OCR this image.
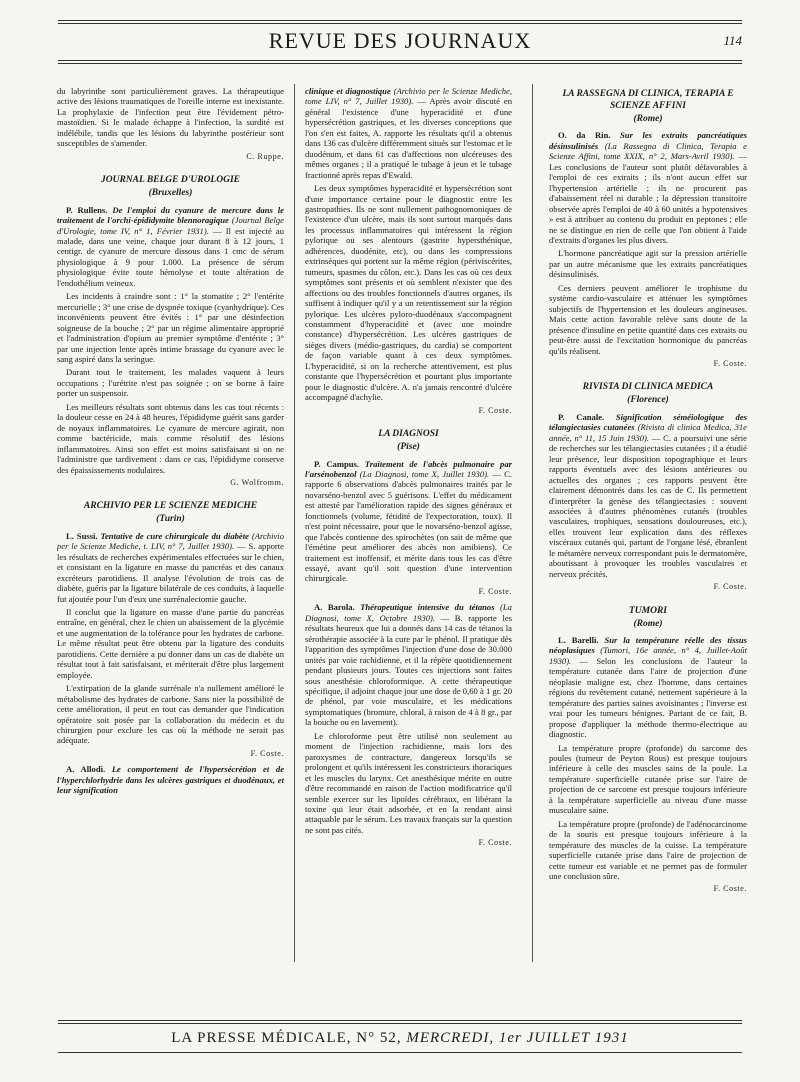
REVUE DES JOURNAUX	114

du labyrinthe sont particulièrement graves. La thérapeutique active des lésions traumatiques de l'oreille interne est inexistante. La prophylaxie de l'infection peut être l'évidement pétro-mastoïdien. Si le malade échappe à l'infection, la surdité est indélébile, tandis que les lésions du labyrinthe postérieur sont susceptibles de s'amender.

C. Ruppe.
JOURNAL BELGE D'UROLOGIE
(Bruxelles)

P. Rullens. De l'emploi du cyanure de mercure dans le traitement de l'orchi-épididymite blennoragique (Journal Belge d'Urologie, tome IV, n° 1, Février 1931). — Il est injecté au malade, dans une veine, chaque jour durant 8 à 12 jours, 1 centigr. de cyanure de mercure dissous dans 1 cmc de sérum physiologique à 9 pour 1.000. La présence de sérum physiologique évite toute hémolyse et toute altération de l'endothélium veineux.

Les incidents à craindre sont : 1° la stomatite ; 2° l'entérite mercurielle ; 3° une crise de dyspnée toxique (cyanhydrique). Ces inconvénients peuvent être évités : 1° par une désinfection soigneuse de la bouche ; 2° par un régime alimentaire approprié et l'administration d'opium au premier symptôme d'entérite ; 3° par une injection lente après intime brassage du cyanure avec le sang aspiré dans la seringue.

Durant tout le traitement, les malades vaquent à leurs occupations ; l'urétrite n'est pas soignée ; on se borne à faire porter un suspensoir.

Les meilleurs résultats sont obtenus dans les cas tout récents : la douleur cesse en 24 à 48 heures, l'épididyme guérit sans garder de noyaux inflammatoires. Le cyanure de mercure agirait, non comme bactéricide, mais comme résolutif des lésions inflammatoires. Ainsi son effet est moins satisfaisant si on ne l'administre que tardivement : dans ce cas, l'épididyme conserve des épaississements nodulaires.

G. Wolfromm.
ARCHIVIO PER LE SCIENZE MEDICHE
(Turin)

L. Sussi. Tentative de cure chirurgicale du diabète (Archivio per le Scienze Mediche, t. LIV, n° 7, Juillet 1930). — S. apporte les résultats de recherches expérimentales effectuées sur le chien, et consistant en la ligature en masse du pancréas et des canaux excréteurs parotidiens. Il analyse l'évolution de trois cas de diabète, guéris par la ligature bilatérale de ces conduits, à laquelle fut ajoutée pour l'un d'eux une surrénalectomie gauche.

Il conclut que la ligature en masse d'une partie du pancréas entraîne, en général, chez le chien un abaissement de la glycémie et une augmentation de la tolérance pour les hydrates de carbone. Le même résultat peut être obtenu par la ligature des conduits parotidiens. Cette dernière a pu donner dans un cas de diabète un résultat tout à fait satisfaisant, et mériterait d'être plus largement employée.

L'extirpation de la glande surrénale n'a nullement amélioré le métabolisme des hydrates de carbone. Sans nier la possibilité de cette amélioration, il peut en tout cas demander que l'indication opératoire soit posée par la collaboration du médecin et du chirurgien pour exclure les cas où la méthode ne serait pas adéquate.

F. Coste.

A. Allodi. Le comportement de l'hypersécrétion et de l'hyperchlorhydrie dans les ulcères gastriques et duodénaux, et leur signification

clinique et diagnostique (Archivio per le Scienze Mediche, tome LIV, n° 7, Juillet 1930). — Après avoir discuté en général l'existence d'une hyperacidité et d'une hypersécrétion gastriques, et les diverses conceptions que l'on s'en est faites, A. rapporte les résultats qu'il a obtenus dans 136 cas d'ulcère différemment situés sur l'estomac et le duodénum, et dans 61 cas d'affections non ulcéreuses des mêmes organes ; il a pratiqué le tubage à jeun et le tubage fractionné après repas d'Ewald.

Les deux symptômes hyperacidité et hypersécrétion sont d'une importance certaine pour le diagnostic entre les gastropathies. Ils ne sont nullement pathognomoniques de l'existence d'un ulcère, mais ils sont surtout marqués dans les processus inflammatoires qui intéressent la région pylorique ou ses alentours (gastrite hypersthénique, adhérences, duodénite, etc), ou dans les compressions extrinsèques qui portent sur la même région (périviscérites, tumeurs, spasmes du côlon, etc.). Dans les cas où ces deux symptômes sont présents et où semblent n'exister que des affections ou des troubles fonctionnels d'autres organes, ils suffisent à indiquer qu'il y a un retentissement sur la région pylorique. Les ulcères pyloro-duodénaux s'accompagnent constamment d'hyperacidité et (avec une moindre constance) d'hypersécrétion. Les ulcères gastriques de sièges divers (médio-gastriques, du cardia) se comportent de façon variable quant à ces deux symptômes. L'hyperacidité, si on la recherche attentivement, est plus constante que l'hypersécrétion et pourtant plus importante pour le diagnostic d'ulcère. A. n'a jamais rencontré d'ulcère accompagné d'achylie.

F. Coste.
LA DIAGNOSI
(Pise)

P. Campus. Traitement de l'abcès pulmonaire par l'arsénobenzol (La Diagnosi, tome X, Juillet 1930). — C. rapporte 6 observations d'abcès pulmonaires traités par le novarséno-benzol avec 5 guérisons. L'effet du médicament est attesté par l'amélioration rapide des signes généraux et fonctionnels (volume, fétidité de l'expectoration, toux). Il n'est point nécessaire, pour que le novarséno-benzol agisse, que l'abcès contienne des spirochètes (on sait de même que l'émétine peut améliorer des abcès non amibiens). Ce traitement est inoffensif, et mérite dans tous les cas d'être essayé, avant qu'il soit question d'une intervention chirurgicale.

F. Coste.

A. Barola. Thérapeutique intensive du tétanos (La Diagnosi, tome X, Octobre 1930). — B. rapporte les résultats heureux que lui a donnés dans 14 cas de tétanos la sérothérapie associée à la cure par le phénol. Il pratique dès l'apparition des symptômes l'injection d'une dose de 30.000 unités par voie rachidienne, et il la répète quotidiennement pendant plusieurs jours. Toutes ces injections sont faites sous anesthésie chloroformique. A cette thérapeutique spécifique, il adjoint chaque jour une dose de 0,60 à 1 gr. 20 de phénol, par voie musculaire, et les médications symptomatiques (bromure, chloral, à raison de 4 à 8 gr., par la bouche ou en lavement).

Le chloroforme peut être utilisé non seulement au moment de l'injection rachidienne, mais lors des paroxysmes de contracture, dangereux lorsqu'ils se prolongent et qu'ils intéressent les constricteurs thoraciques et les muscles du larynx. Cet anesthésique mérite en outre d'être recommandé en raison de l'action modificatrice qu'il semble exercer sur les lipoïdes cérébraux, en libérant la toxine qui leur était adsorbée, et en la rendant ainsi attaquable par le sérum. Les travaux français sur la question ne sont pas cités.

F. Coste.
LA RASSEGNA DI CLINICA, TERAPIA E SCIENZE AFFINI
(Rome)

O. da Rin. Sur les extraits pancréatiques désinsulinisés (La Rassegna di Clinica, Terapia e Scienze Affini, tome XXIX, n° 2, Mars-Avril 1930). — Les conclusions de l'auteur sont plutôt défavorables à l'emploi de ces extraits ; ils n'ont aucun effet sur l'hypertension artérielle ; ils ne procurent pas d'abaissement réel ni durable ; la dépression transitoire observée après l'emploi de 40 à 60 unités a hypotensives » est à attribuer au contenu du produit en peptones ; elle ne se distingue en rien de celle que l'on obtient à l'aide d'extraits d'organes les plus divers.

L'hormone pancréatique agit sur la pression artérielle par un autre mécanisme que les extraits pancréatiques désinsulinisés.

Ces derniers peuvent améliorer le trophisme du système cardio-vasculaire et atténuer les symptômes subjectifs de l'hypertension et les douleurs angineuses. Mais cette action favorable relève sans doute de la présence d'insuline en petite quantité dans ces extraits ou peut-être aussi de l'excitation hormonique du pancréas qu'ils réalisent.

F. Coste.
RIVISTA DI CLINICA MEDICA
(Florence)

P. Canale. Signification séméiologique des télangiectasies cutanées (Rivista di clinica Medica, 31e année, n° 11, 15 Juin 1930). — C. a poursuivi une série de recherches sur les télangiectasies cutanées ; il a étudié leur présence, leur disposition topographique et leurs rapports éventuels avec des lésions antérieures ou actuelles des organes ; ces rapports peuvent être clairement démontrés dans les cas de C. Ils permettent d'interpréter la genèse des télangiectasies : souvent associées à d'autres phénomènes cutanés (troubles vasculaires, trophiques, sensations douloureuses, etc.), elles trouvent leur explication dans des réflexes viscéraux cutanés qui, partant de l'organe lésé, ébranlent le métamère nerveux correspondant puis le dermatomère, aboutissant à provoquer les troubles vasculaires et nerveux précités.

F. Coste.
TUMORI
(Rome)

L. Barelli. Sur la température réelle des tissus néoplasiques (Tumori, 16e année, n° 4, Juillet-Août 1930). — Selon les conclusions de l'auteur la température cutanée dans l'aire de projection d'une néoplasie maligne est, chez l'homme, dans certaines régions du revêtement cutané, nettement supérieure à la température des parties saines avoisinantes ; l'inverse est vrai pour les tumeurs bénignes. Partant de ce fait, B. propose d'appliquer la méthode thermo-électrique au diagnostic.

La température propre (profonde) du sarcome des poules (tumeur de Peyton Rous) est presque toujours inférieure à celle des muscles sains de la poule. La température superficielle cutanée prise sur l'aire de projection de ce sarcome est presque toujours inférieure à la température superficielle au niveau d'une masse musculaire saine.

La température propre (profonde) de l'adénocarcinome de la souris est presque toujours inférieure à la température des muscles de la cuisse. La température superficielle cutanée prise dans l'aire de projection de cette tumeur est variable et ne permet pas de formuler une conclusion sûre.

F. Coste.
LA PRESSE MÉDICALE, N° 52, MERCREDI, 1er JUILLET 1931
